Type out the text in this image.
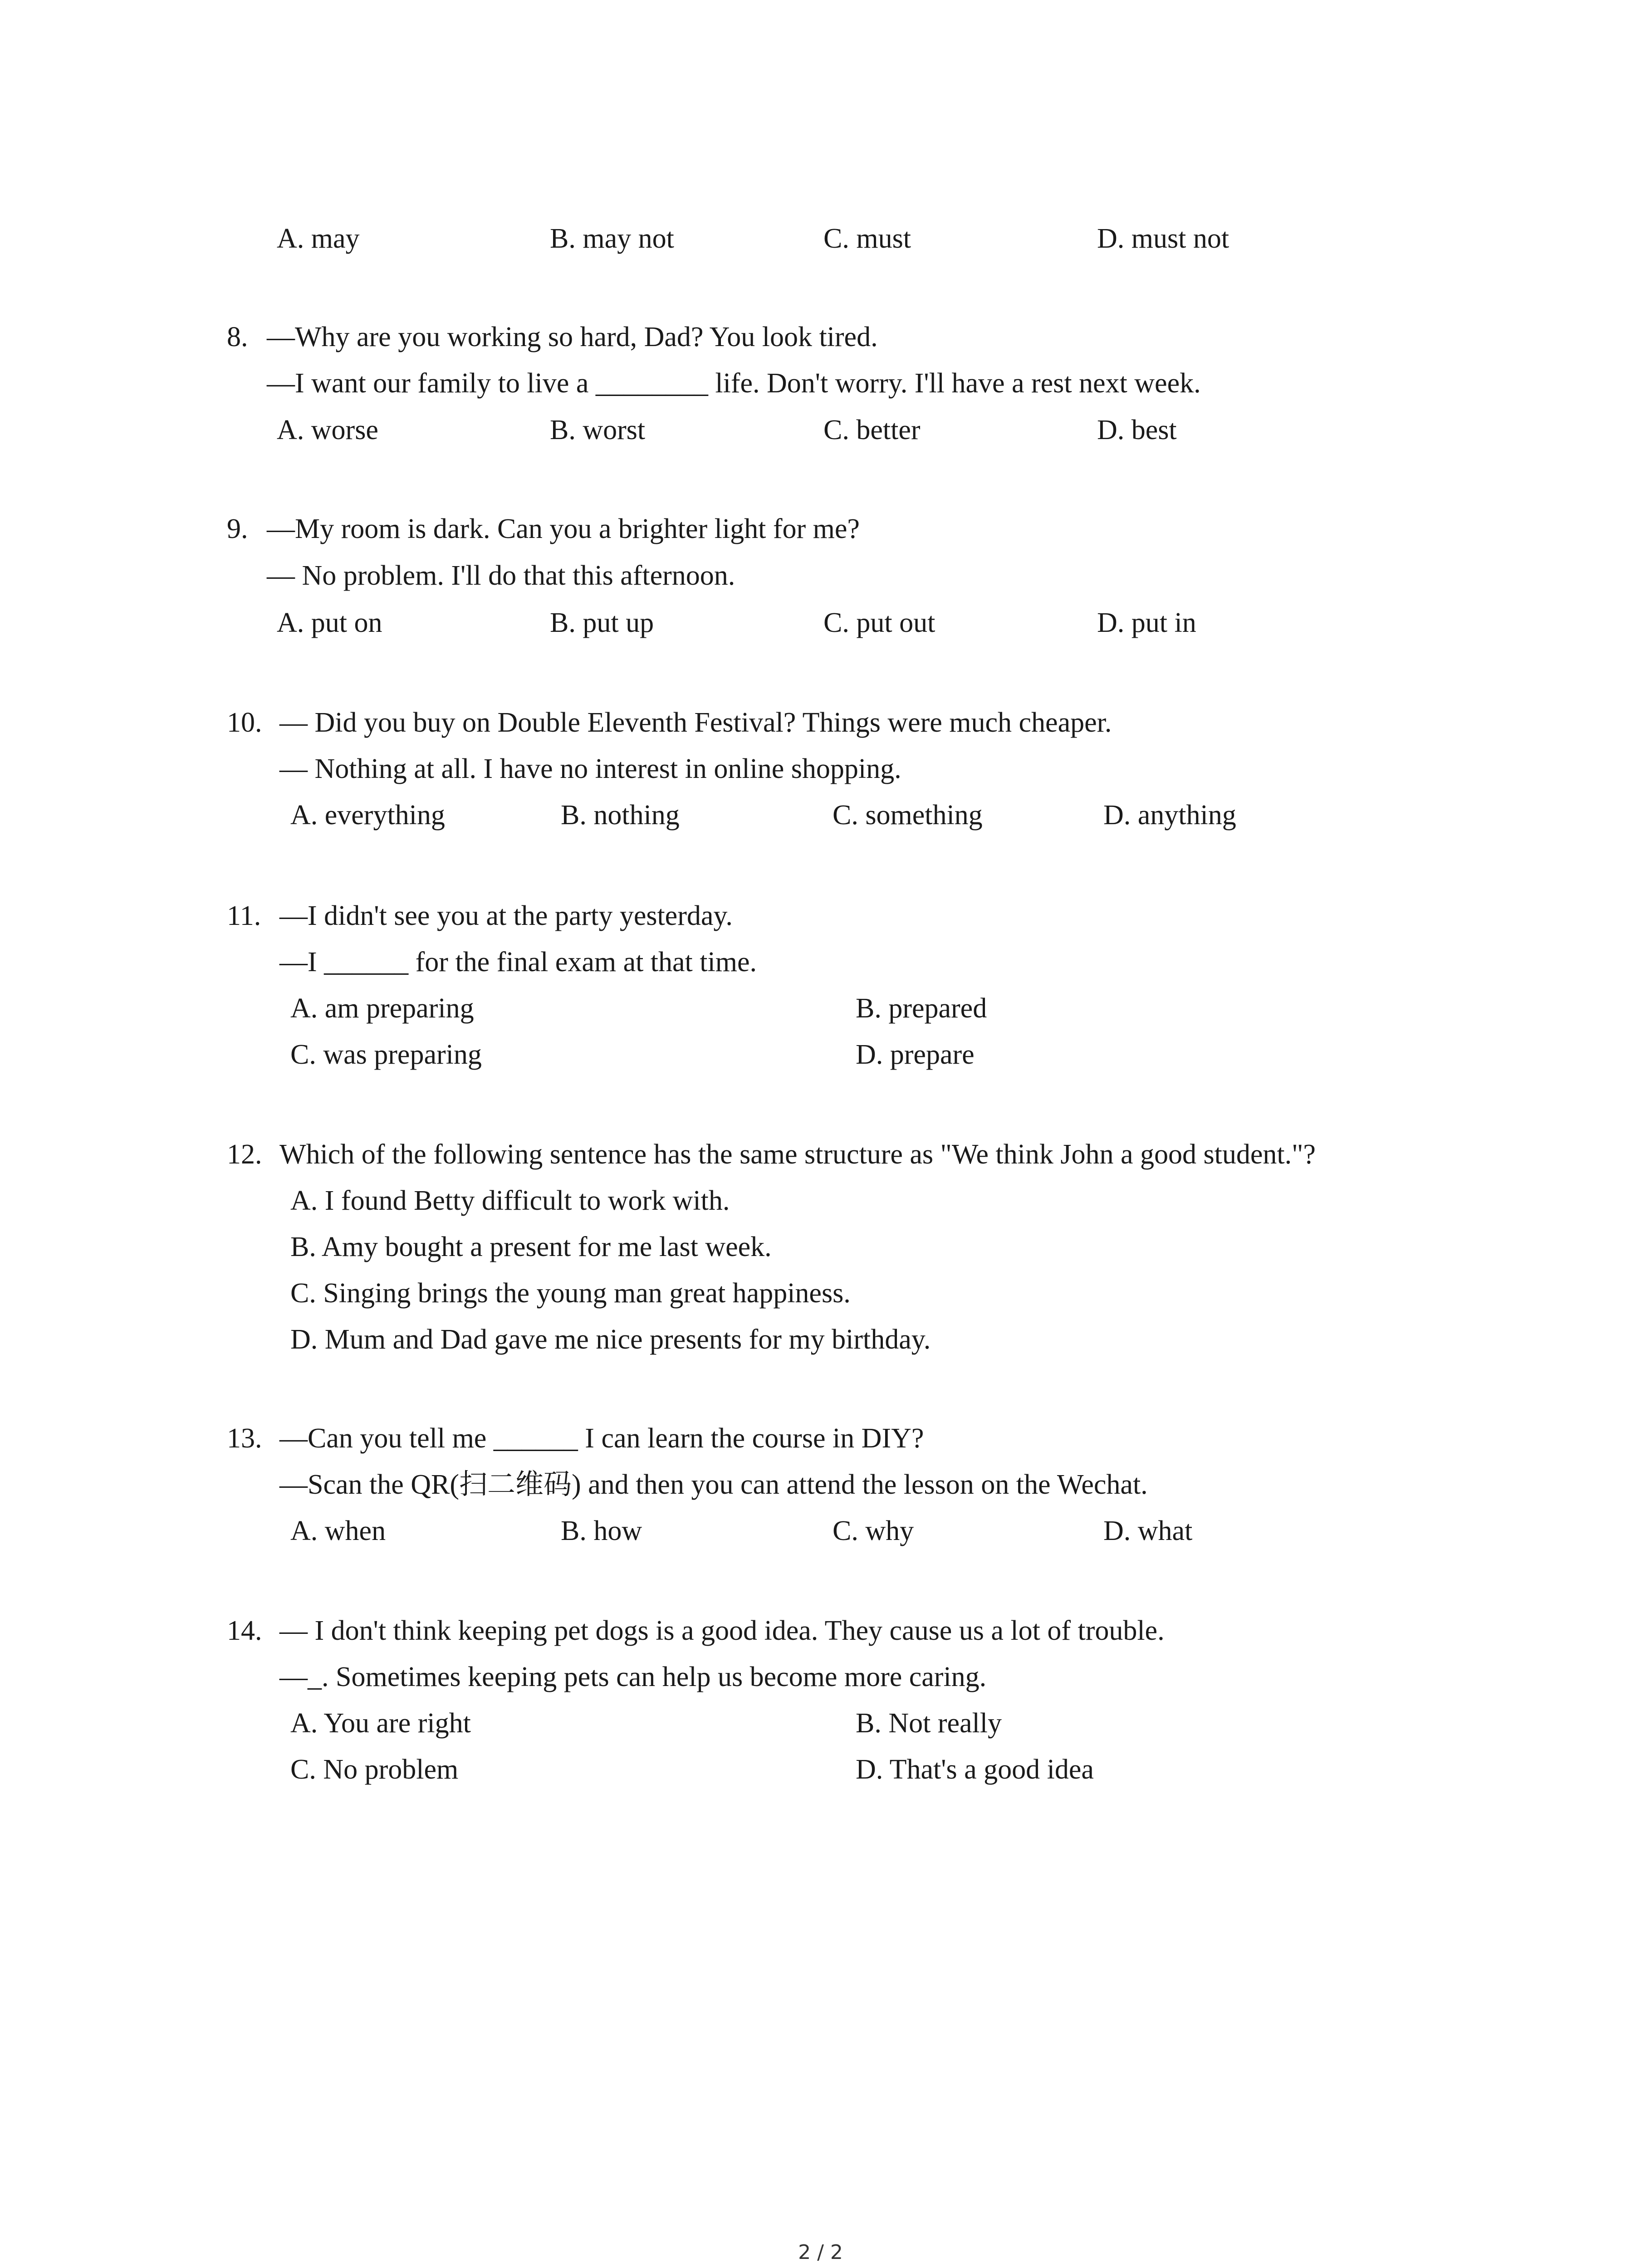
A. may	B. may not	C. must	D. must not
8. —Why are you working so hard, Dad? You look tired.
—I want our family to live a ________ life. Don't worry. I'll have a rest next week.
A. worse	B. worst	C. better	D. best
9. —My room is dark. Can you a brighter light for me?
— No problem. I'll do that this afternoon.
A. put on	B. put up	C. put out	D. put in
10. — Did you buy on Double Eleventh Festival? Things were much cheaper.
— Nothing at all. I have no interest in online shopping.
A. everything	B. nothing	C. something	D. anything
11. —I didn't see you at the party yesterday.
—I ______ for the final exam at that time.
A. am preparing	B. prepared
C. was preparing	D. prepare
12. Which of the following sentence has the same structure as "We think John a good student."?
A. I found Betty difficult to work with.
B. Amy bought a present for me last week.
C. Singing brings the young man great happiness.
D. Mum and Dad gave me nice presents for my birthday.
13. —Can you tell me ______ I can learn the course in DIY?
—Scan the QR(扫二维码) and then you can attend the lesson on the Wechat.
A. when	B. how	C. why	D. what
14. — I don't think keeping pet dogs is a good idea. They cause us a lot of trouble.
—_. Sometimes keeping pets can help us become more caring.
A. You are right	B. Not really
C. No problem	D. That's a good idea
2 / 2
